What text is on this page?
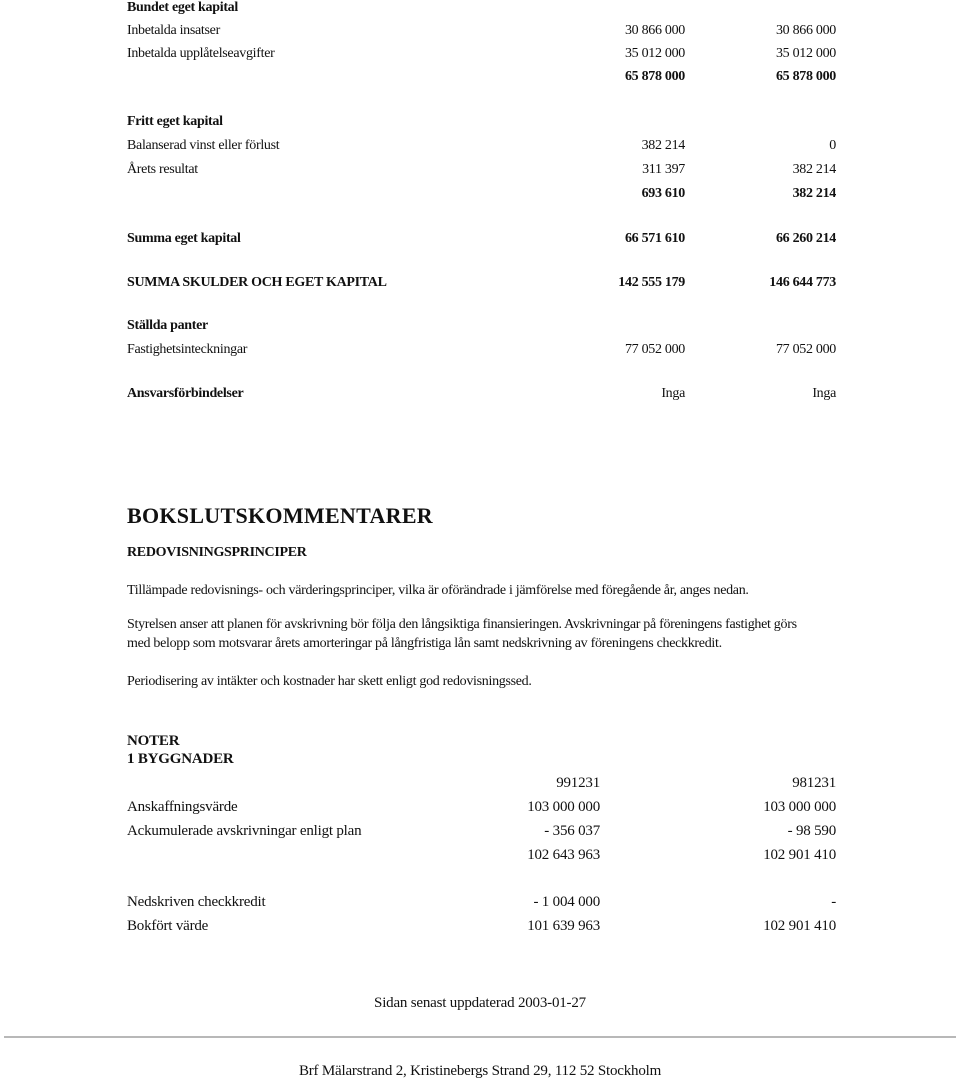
Bundet eget kapital
Inbetalda insatser	30 866 000	30 866 000
Inbetalda upplåtelseavgifter	35 012 000	35 012 000
65 878 000	65 878 000
Fritt eget kapital
Balanserad vinst eller förlust	382 214	0
Årets resultat	311 397	382 214
693 610	382 214
Summa eget kapital	66 571 610	66 260 214
SUMMA SKULDER OCH EGET KAPITAL	142 555 179	146 644 773
Ställda panter
Fastighetsinteckningar	77 052 000	77 052 000
Ansvarsförbindelser	Inga	Inga
BOKSLUTSKOMMENTARER
REDOVISNINGSPRINCIPER
Tillämpade redovisnings- och värderingsprinciper, vilka är oförändrade i jämförelse med föregående år, anges nedan.
Styrelsen anser att planen för avskrivning bör följa den långsiktiga finansieringen. Avskrivningar på föreningens fastighet görs
med belopp som motsvarar årets amorteringar på långfristiga lån samt nedskrivning av föreningens checkkredit.
Periodisering av intäkter och kostnader har skett enligt god redovisningssed.
NOTER
1 BYGGNADER
991231	981231
Anskaffningsvärde	103 000 000	103 000 000
Ackumulerade avskrivningar enligt plan	- 356 037	- 98 590
102 643 963	102 901 410
Nedskriven checkkredit	- 1 004 000	-
Bokfört värde	101 639 963	102 901 410
Sidan senast uppdaterad 2003-01-27
Brf Mälarstrand 2, Kristinebergs Strand 29, 112 52 Stockholm
